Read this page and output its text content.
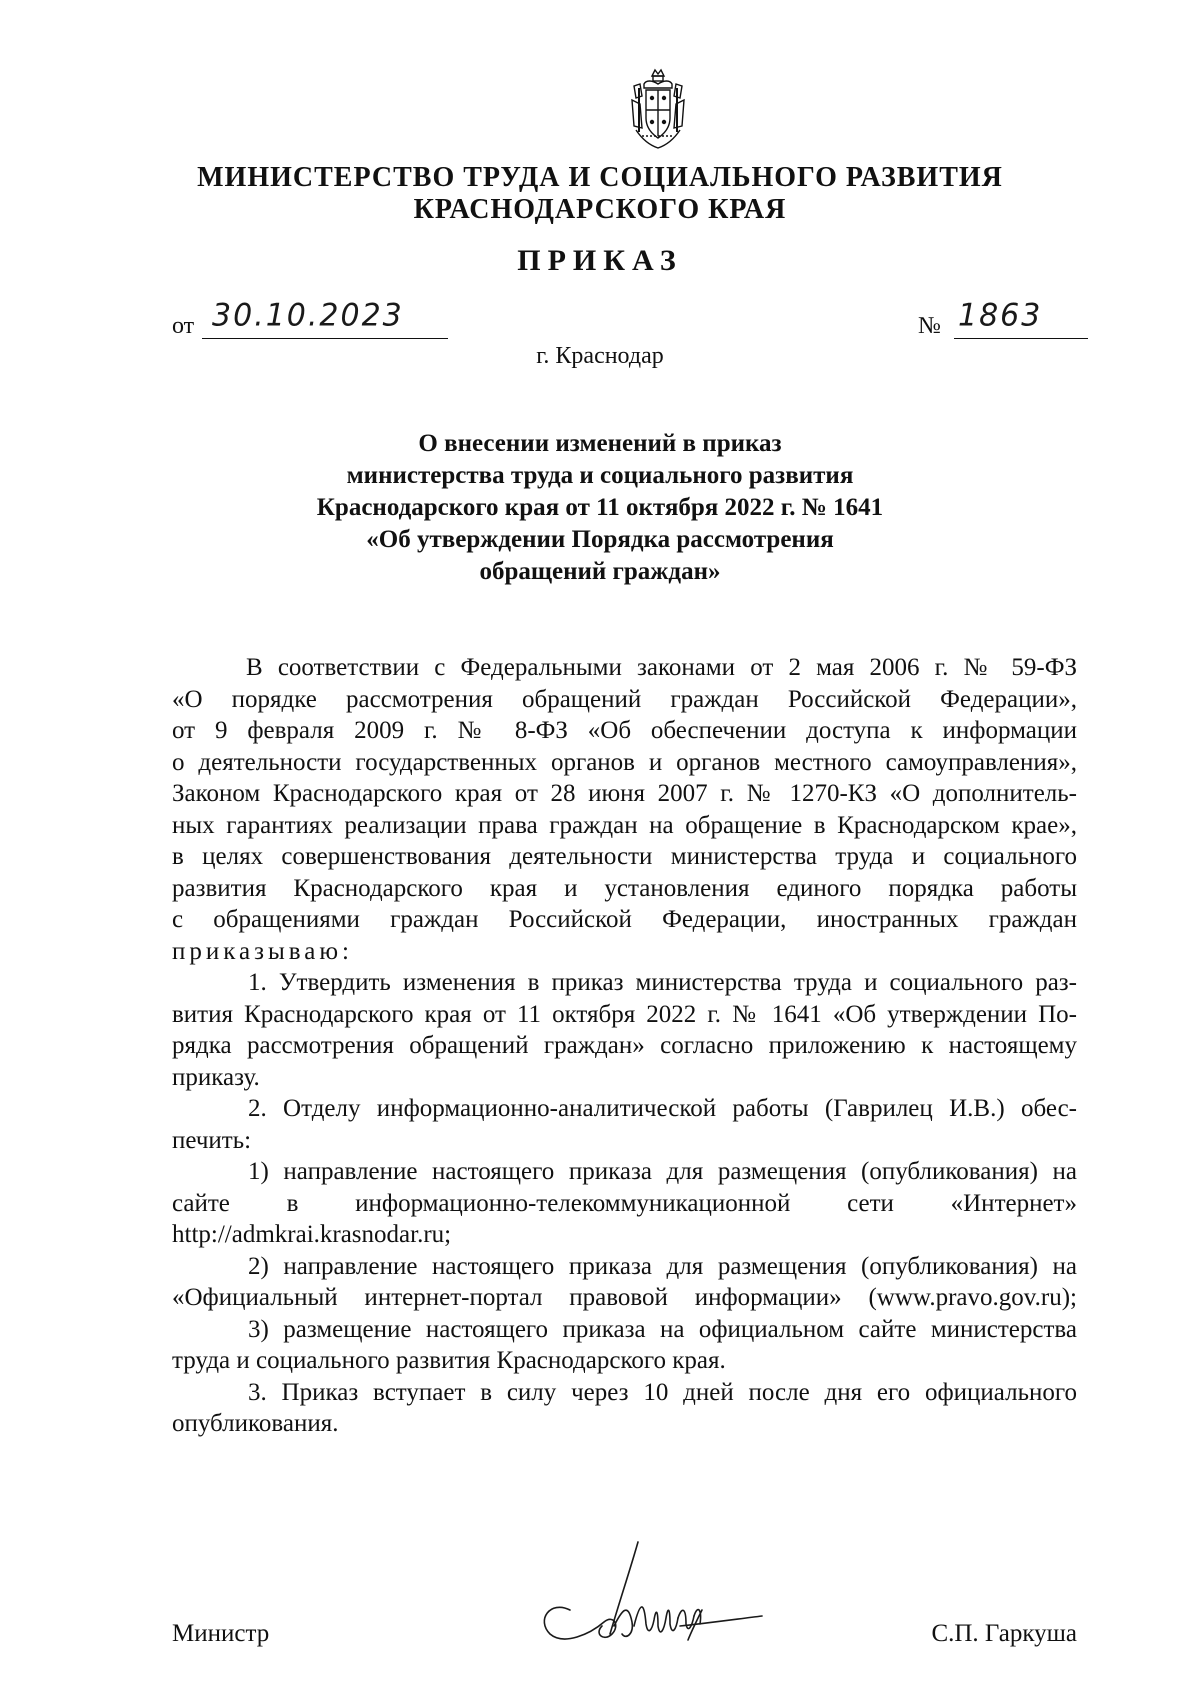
МИНИСТЕРСТВО ТРУДА И СОЦИАЛЬНОГО РАЗВИТИЯ
КРАСНОДАРСКОГО КРАЯ
ПРИКАЗ
от 30.10.2023	№ 1863
г. Краснодар
О внесении изменений в приказ
министерства труда и социального развития
Краснодарского края от 11 октября 2022 г. № 1641
«Об утверждении Порядка рассмотрения
обращений граждан»
В соответствии с Федеральными законами от 2 мая 2006 г. № 59-ФЗ
«О порядке рассмотрения обращений граждан Российской Федерации»,
от 9 февраля 2009 г. № 8-ФЗ «Об обеспечении доступа к информации
о деятельности государственных органов и органов местного самоуправления»,
Законом Краснодарского края от 28 июня 2007 г. № 1270-КЗ «О дополнитель-
ных гарантиях реализации права граждан на обращение в Краснодарском крае»,
в целях совершенствования деятельности министерства труда и социального
развития Краснодарского края и установления единого порядка работы
с обращениями граждан Российской Федерации, иностранных граждан
приказываю:
1. Утвердить изменения в приказ министерства труда и социального раз-
вития Краснодарского края от 11 октября 2022 г. № 1641 «Об утверждении По-
рядка рассмотрения обращений граждан» согласно приложению к настоящему
приказу.
2. Отделу информационно-аналитической работы (Гаврилец И.В.) обес-
печить:
1) направление настоящего приказа для размещения (опубликования) на
сайте в информационно-телекоммуникационной сети «Интернет»
http://admkrai.krasnodar.ru;
2) направление настоящего приказа для размещения (опубликования) на
«Официальный интернет-портал правовой информации» (www.pravo.gov.ru);
3) размещение настоящего приказа на официальном сайте министерства
труда и социального развития Краснодарского края.
3. Приказ вступает в силу через 10 дней после дня его официального
опубликования.
Министр	С.П. Гаркуша
